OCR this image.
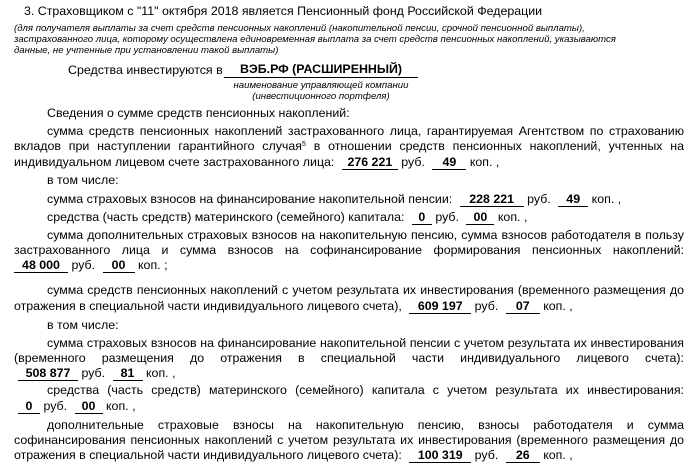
3. Страховщиком с "11" октября 2018 является Пенсионный фонд Российской Федерации
(для получателя выплаты за счет средств пенсионных накоплений (накопительной пенсии, срочной пенсионной выплаты),
застрахованного лица, которому осуществлена единовременная выплата за счет средств пенсионных накоплений, указываются
данные, не учтенные при установлении такой выплаты)
Средства инвестируются в	ВЭБ.РФ (РАСШИРЕННЫЙ)
наименование управляющей компании
(инвестиционного портфеля)
Сведения о сумме средств пенсионных накоплений:
сумма средств пенсионных накоплений застрахованного лица, гарантируемая Агентством по страхованию
вкладов при наступлении гарантийного случая$^5$ в отношении средств пенсионных накоплений, учтенных на
индивидуальном лицевом счете застрахованного лица: 276 221 руб. 49 коп. ,
в том числе:
сумма страховых взносов на финансирование накопительной пенсии: 228 221 руб. 49 коп. ,
средства (часть средств) материнского (семейного) капитала: 0 руб. 00 коп. ,
сумма дополнительных страховых взносов на накопительную пенсию, сумма взносов работодателя в пользу
застрахованного лица и сумма взносов на софинансирование формирования пенсионных накоплений:
48 000 руб. 00 коп. ;
сумма средств пенсионных накоплений с учетом результата их инвестирования (временного размещения до
отражения в специальной части индивидуального лицевого счета), 609 197 руб. 07 коп. ,
в том числе:
сумма страховых взносов на финансирование накопительной пенсии с учетом результата их инвестирования
(временного размещения до отражения в специальной части индивидуального лицевого счета):
508 877 руб. 81 коп. ,
средства (часть средств) материнского (семейного) капитала с учетом результата их инвестирования:
0 руб. 00 коп. ,
дополнительные страховые взносы на накопительную пенсию, взносы работодателя и сумма
софинансирования пенсионных накоплений с учетом результата их инвестирования (временного размещения до
отражения в специальной части индивидуального лицевого счета): 100 319 руб. 26 коп. ,
